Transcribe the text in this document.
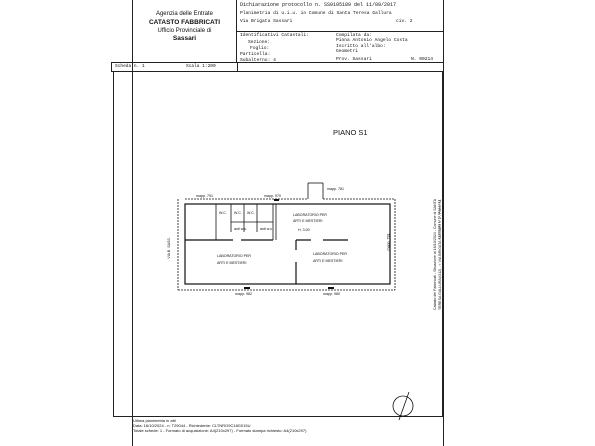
Agenzia delle Entrate
CATASTO FABBRICATI
Ufficio Provinciale di
Sassari
Dichiarazione protocollo n. SS0105189 del 11/09/2017
Planimetria di u.i.u. in Comune di Santa Teresa Gallura
Via Brigata Sassari	civ. 2
Identificativi Catastali:
Sezione:
Foglio:
Particella:
Subalterno: 4
Compilata da:
Pinna Antonio Angelo Costa
Iscritto all'albo:
Geometri
Prov. Sassari	N. 00214
Scheda n. 1	Scala 1:200
PIANO S1
mapp. 791	mapp. 970
mapp. 781
mapp. 791
VIA B. SASS.
mapp. 982	mapp. 980
W.C. W.C. W.C.
anti w.c.	anti w.c.
LABORATORIO PER
ARTI E MESTIERI
H. 3.00
LABORATORIO PER
ARTI E MESTIERI
LABORATORIO PER
ARTI E MESTIERI	Catasto dei Fabbricati - Situazione al 16/10/2024 - Comune di SANTA TERESA GALLURA(I312) - < VIA BRIGATA SASSARI n. 2 - Piano S1
Ultima planimetria in atti
Data: 16/10/2024 - n. T29044 - Richiedente: CLTNRO9C18G015U
Totale schede: 1 - Formato di acquisizione: A4(210x297) - Formato stampa richiesto: A4(210x297)
